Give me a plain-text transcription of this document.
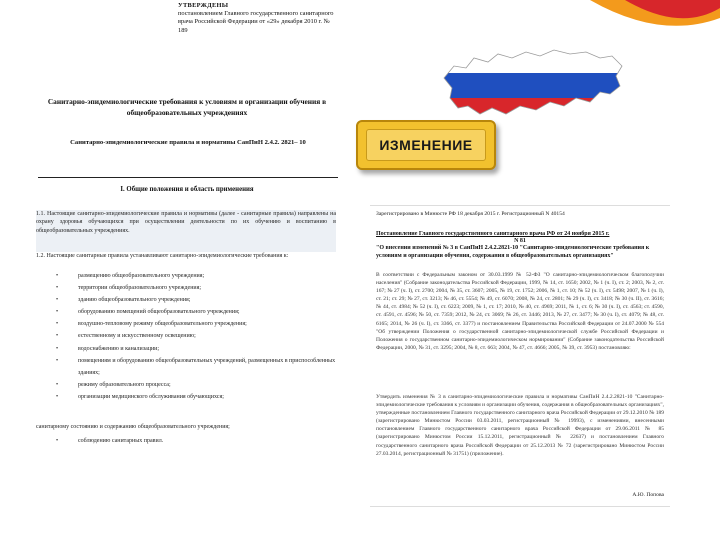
УТВЕРЖДЕНЫ
постановлением Главного государственного санитарного врача Российской Федерации от «29» декабря 2010 г. № 189
Санитарно-эпидемиологические требования к условиям и организации обучения в общеобразовательных учреждениях
Санитарно-эпидемиологические правила и нормативы СанПиН 2.4.2. 2821– 10
I. Общие положения и область применения
1.1. Настоящие санитарно-эпидемиологические правила и нормативы (далее - санитарные правила) направлены на охрану здоровья обучающихся при осуществлении деятельности по их обучению и воспитанию в общеобразовательных учреждениях.
1.2. Настоящие санитарные правила устанавливают санитарно-эпидемиологические требования к:
• размещению общеобразовательного учреждения;
• территории общеобразовательного учреждения;
• зданию общеобразовательного учреждения;
• оборудованию помещений общеобразовательного учреждения;
• воздушно-тепловому режиму общеобразовательного учреждения;
• естественному и искусственному освещению;
• водоснабжению и канализации;
• помещениям и оборудованию общеобразовательных учреждений, размещенных в приспособленных зданиях;
• режиму образовательного процесса;
• организации медицинского обслуживания обучающихся;
санитарному состоянию и содержанию общеобразовательного учреждения;
• соблюдению санитарных правил.
ИЗМЕНЕНИЕ
Зарегистрировано в Минюсте РФ 18 декабря 2015 г. Регистрационный N 40154
Постановление Главного государственного санитарного врача РФ от 24 ноября 2015 г.
N 81
"О внесении изменений № 3 в СанПиН 2.4.2.2821-10 "Санитарно-эпидемиологические требования к условиям и организации обучения, содержания в общеобразовательных организациях"
В соответствии с Федеральным законом от 30.03.1999 № 52-ФЗ "О санитарно-эпидемиологическом благополучии населения" (Собрание законодательства Российской Федерации, 1999, № 14, ст. 1650; 2002, № 1 (ч. I), ст. 2; 2003, № 2, ст. 167; № 27 (ч. I), ст. 2700; 2004, № 35, ст. 3607; 2005, № 19, ст. 1752; 2006, № 1, ст. 10; № 52 (ч. I), ст. 5498; 2007, № 1 (ч. I), ст. 21; ст. 29; № 27, ст. 3213; № 46, ст. 5554; № 49, ст. 6070; 2008, № 24, ст. 2801; № 29 (ч. I), ст. 3418; № 30 (ч. II), ст. 3616; № 44, ст. 4984; № 52 (ч. I), ст. 6223; 2009, № 1, ст. 17; 2010, № 40, ст. 4969; 2011, № 1, ст. 6; № 30 (ч. I), ст. 4563; ст. 4590, ст. 4591, ст. 4596; № 50, ст. 7359; 2012, № 24, ст. 3069; № 26, ст. 3446; 2013, № 27, ст. 3477; № 30 (ч. I), ст. 4079; № 48, ст. 6165; 2014, № 26 (ч. I), ст. 3366, ст. 3377) и постановлением Правительства Российской Федерации от 24.07.2000 № 554 "Об утверждении Положения о государственной санитарно-эпидемиологической службе Российской Федерации и Положения о государственном санитарно-эпидемиологическом нормировании" (Собрание законодательства Российской Федерации, 2000, № 31, ст. 3295; 2004, № 8, ст. 663; 2004, № 47, ст. 4666; 2005, № 39, ст. 3953) постановляю:
Утвердить изменения № 3 в санитарно-эпидемиологические правила и нормативы СанПиН 2.4.2.2821-10 "Санитарно-эпидемиологические требования к условиям и организации обучения, содержания в общеобразовательных организациях", утвержденные постановлением Главного государственного санитарного врача Российской Федерации от 29.12.2010 № 189 (зарегистрировано Минюстом России 03.03.2011, регистрационный № 19993), с изменениями, внесенными постановлением Главного государственного санитарного врача Российской Федерации от 29.06.2011 № 85 (зарегистрировано Минюстом России 15.12.2011, регистрационный № 22637) и постановлением Главного государственного санитарного врача Российской Федерации от 25.12.2013 № 72 (зарегистрировано Минюстом России 27.03.2014, регистрационный № 31751) (приложение).
А.Ю. Попова
